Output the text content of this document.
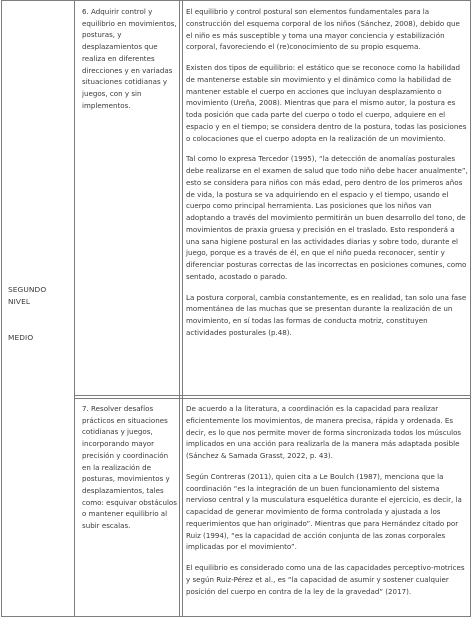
SEGUNDO
NIVEL
MEDIO
6. Adquirir control y equilibrio en movimientos, posturas, y desplazamientos que realiza en diferentes direcciones y en variadas situaciones cotidianas y juegos, con y sin implementos.

El equilibrio y control postural son elementos fundamentales para la construcción del esquema corporal de los niños (Sánchez, 2008), debido que el niño es más susceptible y toma una mayor conciencia y estabilización corporal, favoreciendo el (re)conocimiento de su propio esquema.

Existen dos tipos de equilibrio: el estático que se reconoce como la habilidad de mantenerse estable sin movimiento y el dinámico como la habilidad de mantener estable el cuerpo en acciones que incluyan desplazamiento o movimiento (Ureña, 2008). Mientras que para el mismo autor, la postura es toda posición que cada parte del cuerpo o todo el cuerpo, adquiere en el espacio y en el tiempo; se considera dentro de la postura, todas las posiciones o colocaciones que el cuerpo adopta en la realización de un movimiento.

Tal como lo expresa Tercedor (1995), “la detección de anomalías posturales debe realizarse en el examen de salud que todo niño debe hacer anualmente”, esto se considera para niños con más edad, pero dentro de los primeros años de vida, la postura se va adquiriendo en el espacio y el tiempo, usando el cuerpo como principal herramienta. Las posiciones que los niños van adoptando a través del movimiento permitirán un buen desarrollo del tono, de movimientos de praxia gruesa y precisión en el traslado. Esto responderá a una sana higiene postural en las actividades diarias y sobre todo, durante el juego, porque es a través de él, en que el niño pueda reconocer, sentir y diferenciar posturas correctas de las incorrectas en posiciones comunes, como sentado, acostado o parado.

La postura corporal, cambia constantemente, es en realidad, tan solo una fase momentánea de las muchas que se presentan durante la realización de un movimiento, en sí todas las formas de conducta motriz, constituyen actividades posturales (p.48).

7. Resolver desafíos prácticos en situaciones cotidianas y juegos, incorporando mayor precisión y coordinación en la realización de posturas, movimientos y desplazamientos, tales como: esquivar obstáculos o mantener equilibrio al subir escalas.

De acuerdo a la literatura, a coordinación es la capacidad para realizar eficientemente los movimientos, de manera precisa, rápida y ordenada. Es decir, es lo que nos permite mover de forma sincronizada todos los músculos implicados en una acción para realizarla de la manera más adaptada posible (Sánchez & Samada Grasst, 2022, p. 43).

Según Contreras (2011), quien cita a Le Boulch (1987), menciona que la coordinación “es la integración de un buen funcionamiento del sistema nervioso central y la musculatura esquelética durante el ejercicio, es decir, la capacidad de generar movimiento de forma controlada y ajustada a los requerimientos que han originado”. Mientras que para Hernández citado por Ruiz (1994), “es la capacidad de acción conjunta de las zonas corporales implicadas por el movimiento”.

El equilibrio es considerado como una de las capacidades perceptivo-motrices y según Ruiz-Pérez et al., es “la capacidad de asumir y sostener cualquier posición del cuerpo en contra de la ley de la gravedad” (2017).
